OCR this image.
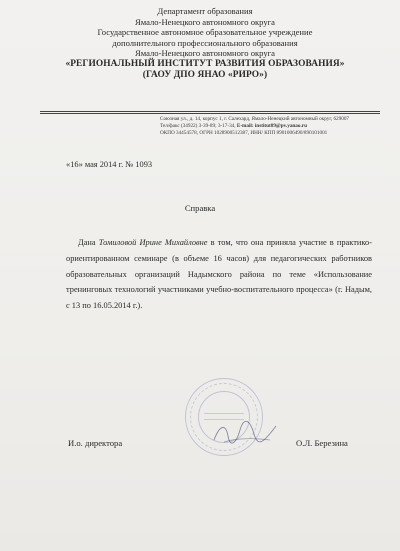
Департамент образования
Ямало-Ненецкого автономного округа
Государственное автономное образовательное учреждение
дополнительного профессионального образования
Ямало-Ненецкого автономного округа
«РЕГИОНАЛЬНЫЙ ИНСТИТУТ РАЗВИТИЯ ОБРАЗОВАНИЯ»
(ГАОУ ДПО ЯНАО «РИРО»)
Союзная ул., д. 14, корпус 1, г. Салехард, Ямало-Ненецкий автономный округ, 629007
Тел/факс (34922) 3-39-89; 3-17-34, E-mail: institut89@pv.yanao.ru
ОКПО 34454578, ОГРН 1028900512387, ИНН/ КПП 8901006490/890101001
«16» мая 2014 г. № 1093
Справка
Дана Томиловой Ирине Михайловне в том, что она приняла участие в практико-ориентированном семинаре (в объеме 16 часов) для педагогических работников образовательных организаций Надымского района по теме «Использование тренинговых технологий участниками учебно-воспитательного процесса» (г. Надым, с 13 по 16.05.2014 г.).
И.о. директора	О.Л. Березина
